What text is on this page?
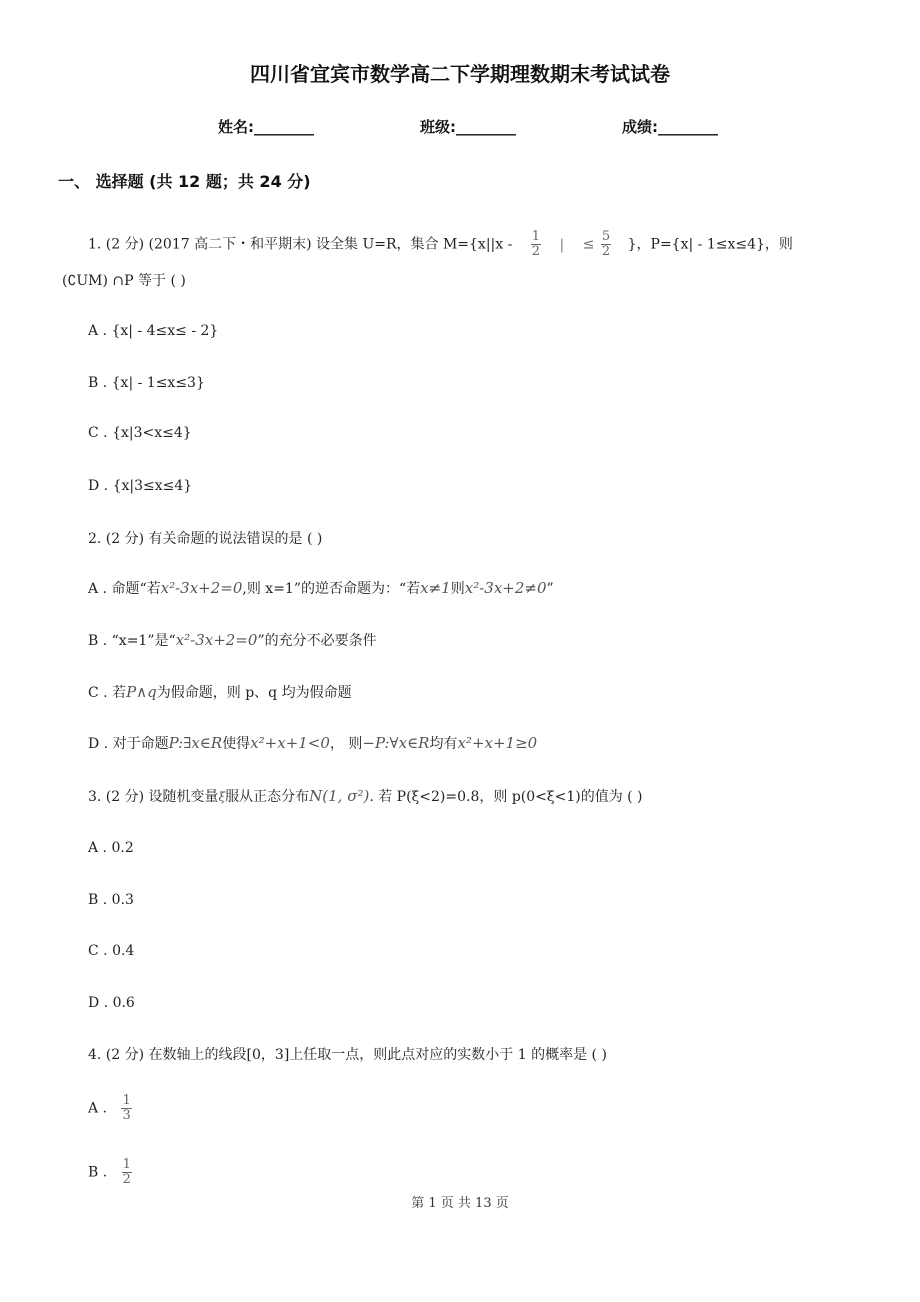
四川省宜宾市数学高二下学期理数期末考试试卷
姓名:________	班级:________	成绩:________
一、 选择题 (共 12 题；共 24 分)
1. (2 分) (2017 高二下・和平期末) 设全集 U=R，集合 $M=\{x||x - \frac{1}{2}$ | ≤ $\frac{5}{2}$ }，P={x| - 1≤x≤4}，则
(∁UM) ∩P 等于 ( )
A . {x| - 4≤x≤ - 2}
B . {x| - 1≤x≤3}
C . {x|3<x≤4}
D . {x|3≤x≤4}
2. (2 分) 有关命题的说法错误的是 ( )
A . 命题“若x²‐3x+2=0,则 x=1”的逆否命题为：“若x≠1则x²‐3x+2≠0”
B . “x=1”是“x²‐3x+2=0”的充分不必要条件
C . 若P∧q为假命题，则 p、q 均为假命题
D . 对于命题P:∃x∈R使得x²+x+1<0， 则−P:∀x∈R均有x²+x+1≥0
3. (2 分) 设随机变量ξ服从正态分布N(1, σ²). 若 P(ξ<2)=0.8，则 p(0<ξ<1)的值为 ( )
A . 0.2
B . 0.3
C . 0.4
D . 0.6
4. (2 分) 在数轴上的线段[0，3]上任取一点，则此点对应的实数小于 1 的概率是 ( )
A . $\frac{1}{3}$
B . $\frac{1}{2}$
第 1 页 共 13 页
